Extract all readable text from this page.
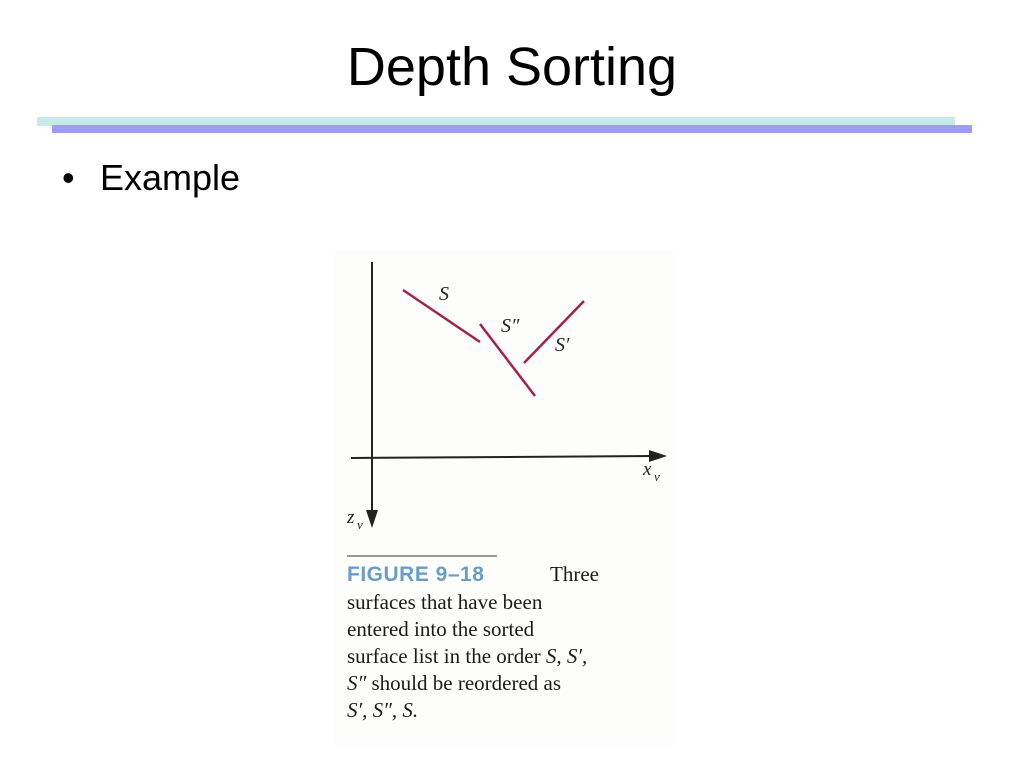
Depth Sorting
• Example
S
S″
S′
x v
z v
FIGURE 9–18	Three
surfaces that have been
entered into the sorted
surface list in the order S, S′,
S″ should be reordered as
S′, S″, S.
